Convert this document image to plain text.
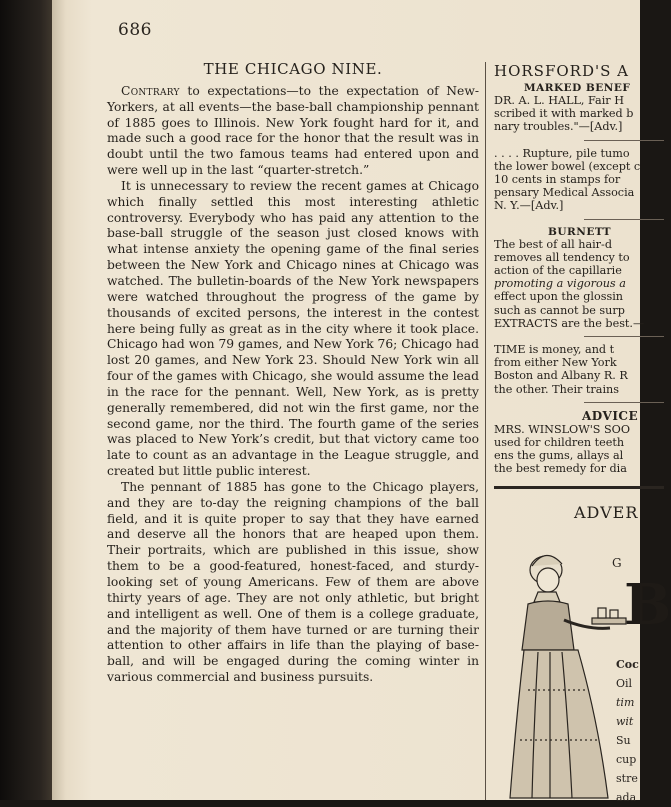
686
THE CHICAGO NINE.

Contrary to expectations—to the expectation of New-Yorkers, at all events—the base-ball championship pennant of 1885 goes to Illinois. New York fought hard for it, and made such a good race for the honor that the result was in doubt until the two famous teams had entered upon and were well up in the last “quarter-stretch.”

It is unnecessary to review the recent games at Chicago which finally settled this most interesting athletic controversy. Everybody who has paid any attention to the base-ball struggle of the season just closed knows with what intense anxiety the opening game of the final series between the New York and Chicago nines at Chicago was watched. The bulletin-boards of the New York newspapers were watched throughout the progress of the game by thousands of excited persons, the interest in the contest here being fully as great as in the city where it took place. Chicago had won 79 games, and New York 76; Chicago had lost 20 games, and New York 23. Should New York win all four of the games with Chicago, she would assume the lead in the race for the pennant. Well, New York, as is pretty generally remembered, did not win the first game, nor the second game, nor the third. The fourth game of the series was placed to New York’s credit, but that victory came too late to count as an advantage in the League struggle, and created but little public interest.

The pennant of 1885 has gone to the Chicago players, and they are to-day the reigning champions of the ball field, and it is quite proper to say that they have earned and deserve all the honors that are heaped upon them. Their portraits, which are published in this issue, show them to be a good-featured, honest-faced, and sturdy-looking set of young Americans. Few of them are above thirty years of age. They are not only athletic, but bright and intelligent as well. One of them is a college graduate, and the majority of them have turned or are turning their attention to other affairs in life than the playing of base-ball, and will be engaged during the coming winter in various commercial and business pursuits.

HORSFORD'S A
MARKED BENEF
DR. A. L. HALL, Fair H
scribed it with marked b
nary troubles."—[Adv.]
. . . . Rupture, pile tumo
the lower bowel (except c
10 cents in stamps for
pensary Medical Associa
N. Y.—[Adv.]
BURNETT
The best of all hair-d
removes all tendency to
action of the capillarie
promoting a vigorous a
effect upon the glossin
such as cannot be surp
EXTRACTS are the best.—
TIME is money, and t
from either New York
Boston and Albany R. R
the other. Their trains
ADVICE
MRS. WINSLOW'S SOO
used for children teeth
ens the gums, allays al
the best remedy for dia
ADVER
G
B
Coc
Oil
tim
wit
Su
cup
stre
ada
